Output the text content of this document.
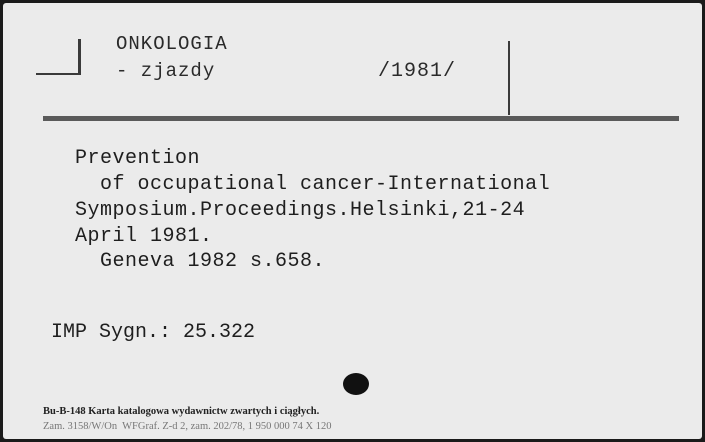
ONKOLOGIA
- zjazdy	/1981/
Prevention
of occupational cancer-International
Symposium.Proceedings.Helsinki,21-24
April 1981.
Geneva 1982 s.658.
IMP Sygn.: 25.322
Bu-B-148 Karta katalogowa wydawnictw zwartych i ciągłych.
Zam. 3158/W/On  WFGraf. Z-d 2, zam. 202/78, 1 950 000 74 X 120
